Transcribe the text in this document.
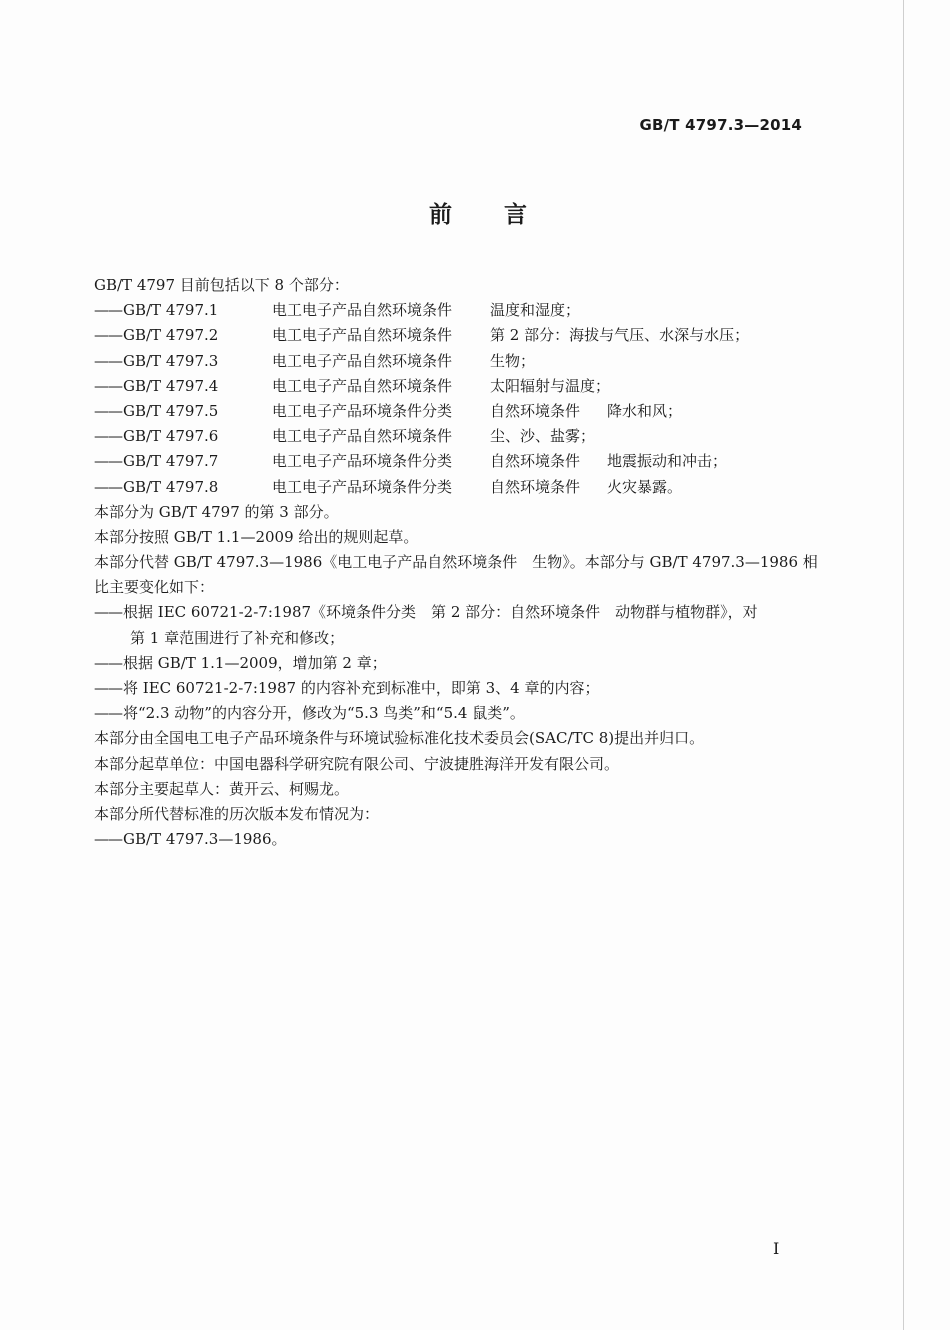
GB/T 4797.3—2014
前言
GB/T 4797 目前包括以下 8 个部分：
——GB/T 4797.1	电工电子产品自然环境条件	温度和湿度；
——GB/T 4797.2	电工电子产品自然环境条件	第 2 部分：海拔与气压、水深与水压；
——GB/T 4797.3	电工电子产品自然环境条件	生物；
——GB/T 4797.4	电工电子产品自然环境条件	太阳辐射与温度；
——GB/T 4797.5	电工电子产品环境条件分类	自然环境条件 降水和风；
——GB/T 4797.6	电工电子产品自然环境条件	尘、沙、盐雾；
——GB/T 4797.7	电工电子产品环境条件分类	自然环境条件 地震振动和冲击；
——GB/T 4797.8	电工电子产品环境条件分类	自然环境条件 火灾暴露。
本部分为 GB/T 4797 的第 3 部分。
本部分按照 GB/T 1.1—2009 给出的规则起草。
本部分代替 GB/T 4797.3—1986《电工电子产品自然环境条件　生物》。本部分与 GB/T 4797.3—1986 相
比主要变化如下：
——根据 IEC 60721-2-7:1987《环境条件分类　第 2 部分：自然环境条件　动物群与植物群》，对
第 1 章范围进行了补充和修改；
——根据 GB/T 1.1—2009，增加第 2 章；
——将 IEC 60721-2-7:1987 的内容补充到标准中，即第 3、4 章的内容；
——将“2.3 动物”的内容分开，修改为“5.3 鸟类”和“5.4 鼠类”。
本部分由全国电工电子产品环境条件与环境试验标准化技术委员会(SAC/TC 8)提出并归口。
本部分起草单位：中国电器科学研究院有限公司、宁波捷胜海洋开发有限公司。
本部分主要起草人：黄开云、柯赐龙。
本部分所代替标准的历次版本发布情况为：
——GB/T 4797.3—1986。
I
